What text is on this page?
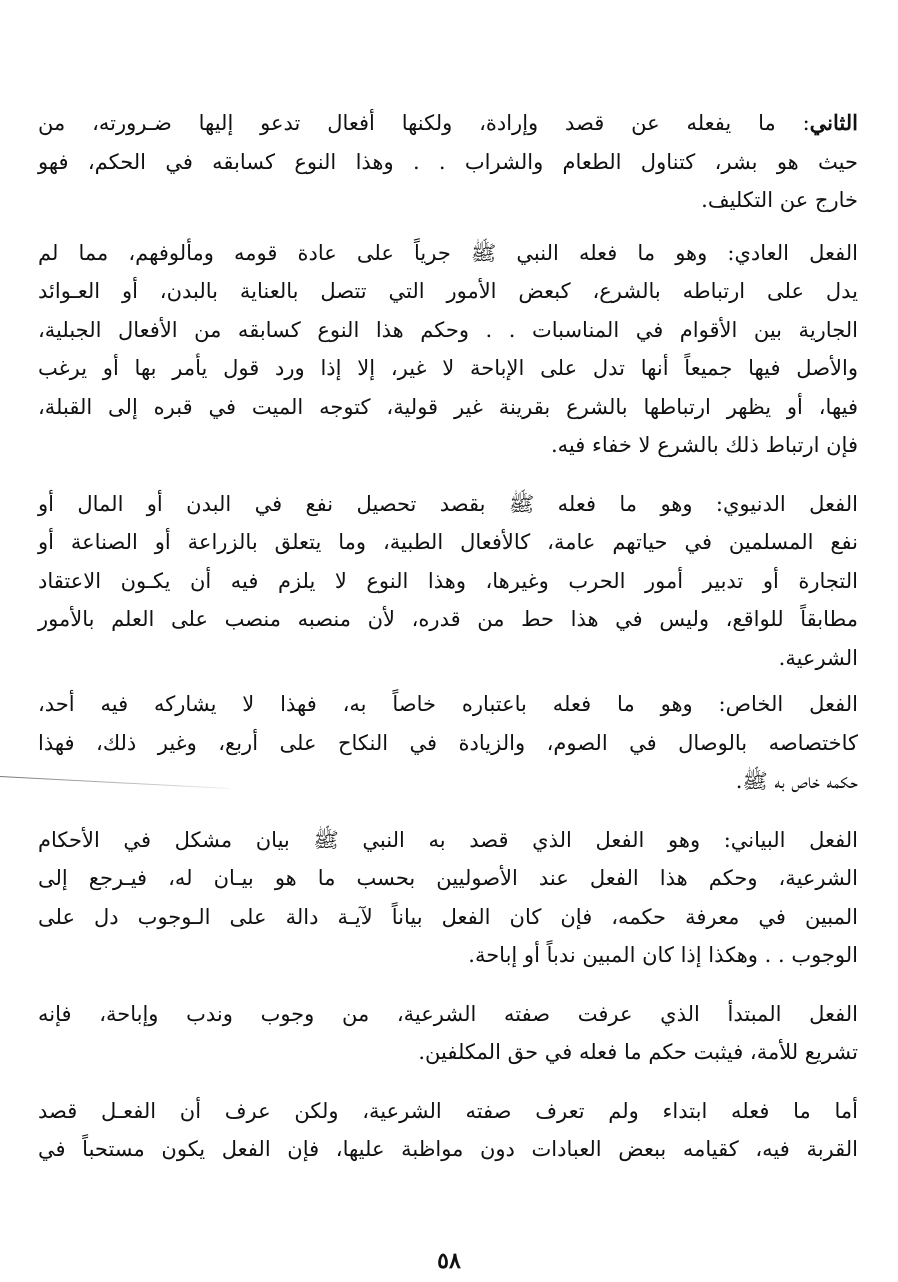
الثاني: ما يفعله عن قصد وإرادة، ولكنها أفعال تدعو إليها ضـرورته، من
حيث هو بشر، كتناول الطعام والشراب . . وهذا النوع كسابقه في الحكم، فهو
خارج عن التكليف.

الفعل العادي: وهو ما فعله النبي ﷺ جرياً على عادة قومه ومألوفهم، مما لم
يدل على ارتباطه بالشرع، كبعض الأمور التي تتصل بالعناية بالبدن، أو العـوائد
الجارية بين الأقوام في المناسبات . . وحكم هذا النوع كسابقه من الأفعال الجبلية،
والأصل فيها جميعاً أنها تدل على الإباحة لا غير، إلا إذا ورد قول يأمر بها أو يرغب
فيها، أو يظهر ارتباطها بالشرع بقرينة غير قولية، كتوجه الميت في قبره إلى القبلة،
فإن ارتباط ذلك بالشرع لا خفاء فيه.

الفعل الدنيوي: وهو ما فعله ﷺ بقصد تحصيل نفع في البدن أو المال أو
نفع المسلمين في حياتهم عامة، كالأفعال الطبية، وما يتعلق بالزراعة أو الصناعة أو
التجارة أو تدبير أمور الحرب وغيرها، وهذا النوع لا يلزم فيه أن يكـون الاعتقاد
مطابقاً للواقع، وليس في هذا حط من قدره، لأن منصبه منصب على العلم بالأمور
الشرعية.

الفعل الخاص: وهو ما فعله باعتباره خاصاً به، فهذا لا يشاركه فيه أحد،
كاختصاصه بالوصال في الصوم، والزيادة في النكاح على أربع، وغير ذلك، فهذا
حكمه خاص به ﷺ.

الفعل البياني: وهو الفعل الذي قصد به النبي ﷺ بيان مشكل في الأحكام
الشرعية، وحكم هذا الفعل عند الأصوليين بحسب ما هو بيـان له، فيـرجع إلى
المبين في معرفة حكمه، فإن كان الفعل بياناً لآيـة دالة على الـوجوب دل على
الوجوب . . وهكذا إذا كان المبين ندباً أو إباحة.

الفعل المبتدأ الذي عرفت صفته الشرعية، من وجوب وندب وإباحة، فإنه
تشريع للأمة، فيثبت حكم ما فعله في حق المكلفين.

أما ما فعله ابتداء ولم تعرف صفته الشرعية، ولكن عرف أن الفعـل قصد
القربة فيه، كقيامه ببعض العبادات دون مواظبة عليها، فإن الفعل يكون مستحباً في

٥٨
